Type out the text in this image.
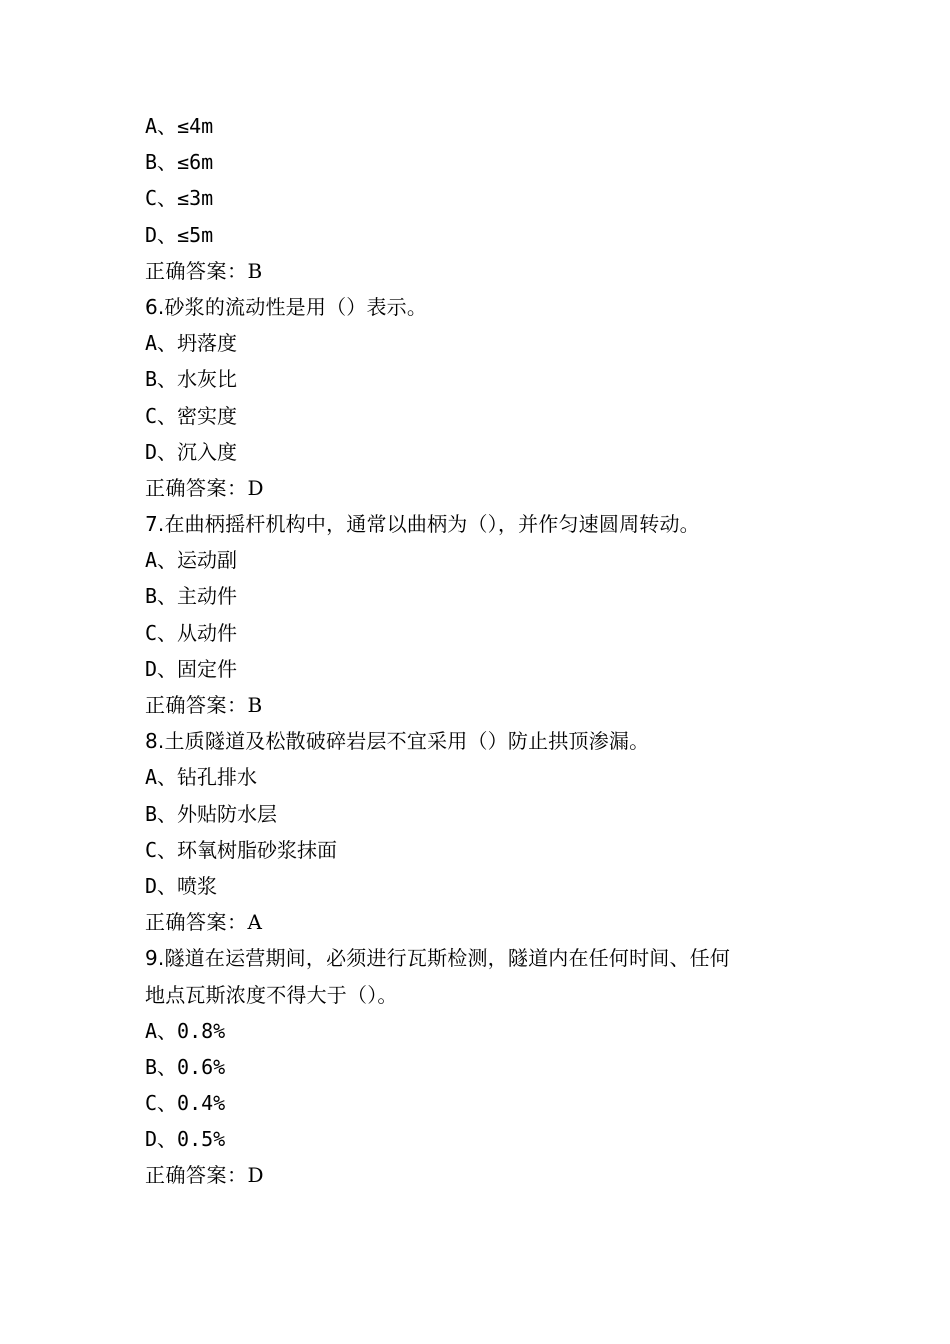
A、≤4m
B、≤6m
C、≤3m
D、≤5m
正确答案：B
6.砂浆的流动性是用（）表示。
A、坍落度
B、水灰比
C、密实度
D、沉入度
正确答案：D
7.在曲柄摇杆机构中，通常以曲柄为（），并作匀速圆周转动。
A、运动副
B、主动件
C、从动件
D、固定件
正确答案：B
8.土质隧道及松散破碎岩层不宜采用（）防止拱顶渗漏。
A、钻孔排水
B、外贴防水层
C、环氧树脂砂浆抹面
D、喷浆
正确答案：A
9.隧道在运营期间，必须进行瓦斯检测，隧道内在任何时间、任何
地点瓦斯浓度不得大于（）。
A、0.8%
B、0.6%
C、0.4%
D、0.5%
正确答案：D
